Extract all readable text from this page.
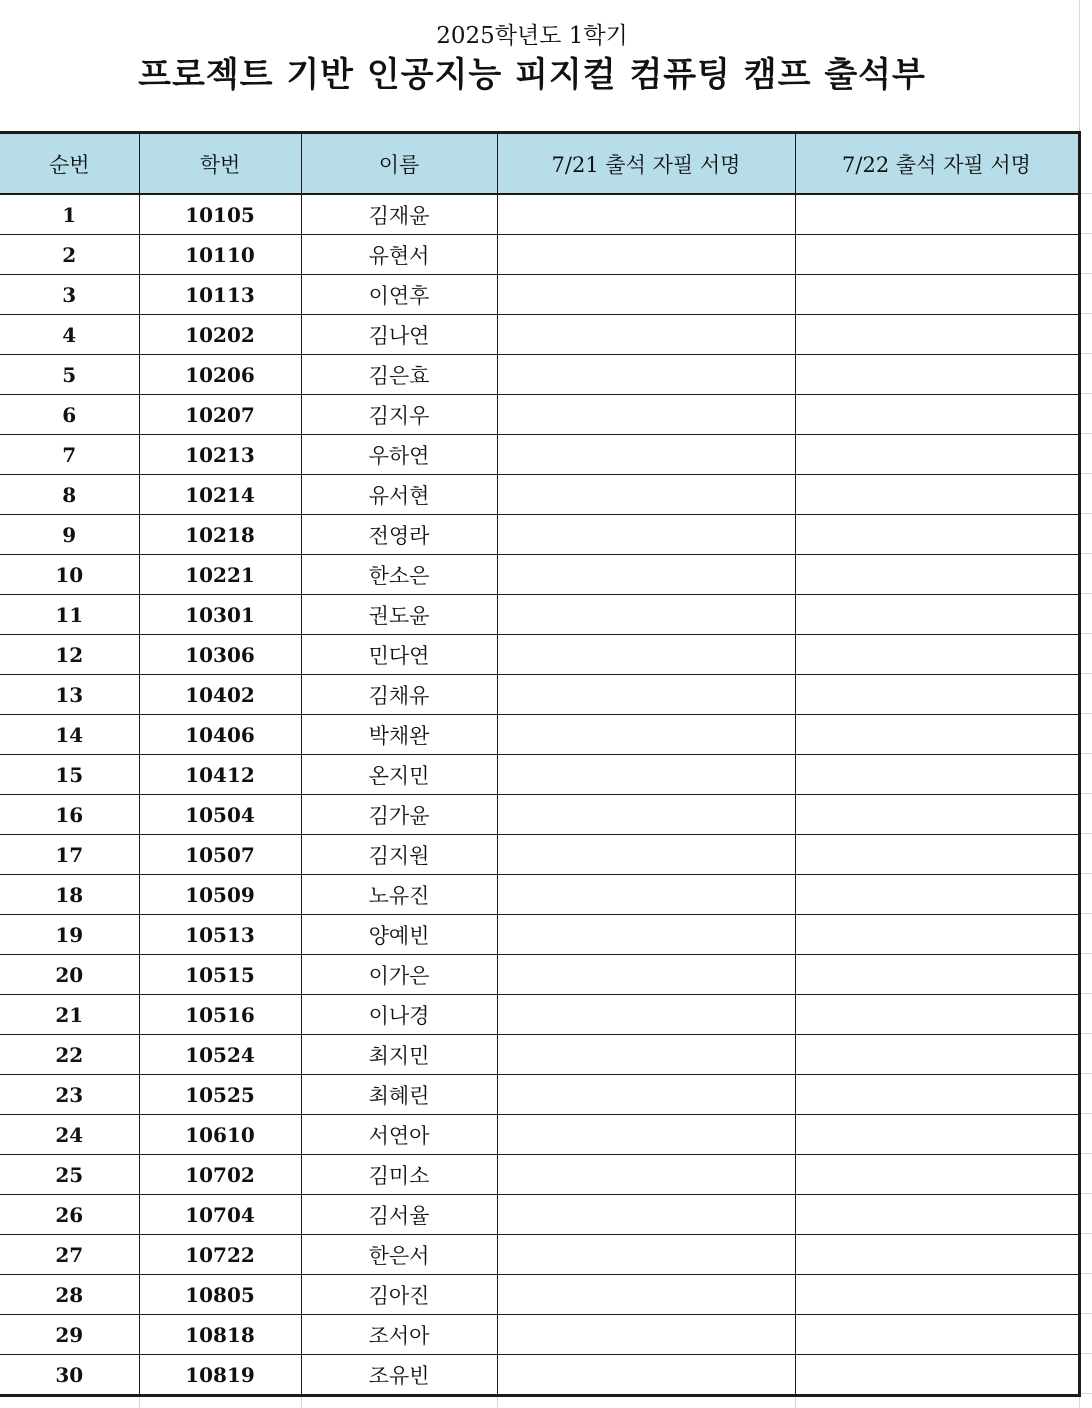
2025학년도 1학기
프로젝트 기반 인공지능 피지컬 컴퓨팅 캠프 출석부
순번	학번	이름	7/21 출석 자필 서명	7/22 출석 자필 서명
1	10105	김재윤		
2	10110	유현서		
3	10113	이연후		
4	10202	김나연		
5	10206	김은효		
6	10207	김지우		
7	10213	우하연		
8	10214	유서현		
9	10218	전영라		
10	10221	한소은		
11	10301	권도윤		
12	10306	민다연		
13	10402	김채유		
14	10406	박채완		
15	10412	온지민		
16	10504	김가윤		
17	10507	김지원		
18	10509	노유진		
19	10513	양예빈		
20	10515	이가은		
21	10516	이나경		
22	10524	최지민		
23	10525	최혜린		
24	10610	서연아		
25	10702	김미소		
26	10704	김서율		
27	10722	한은서		
28	10805	김아진		
29	10818	조서아		
30	10819	조유빈		
